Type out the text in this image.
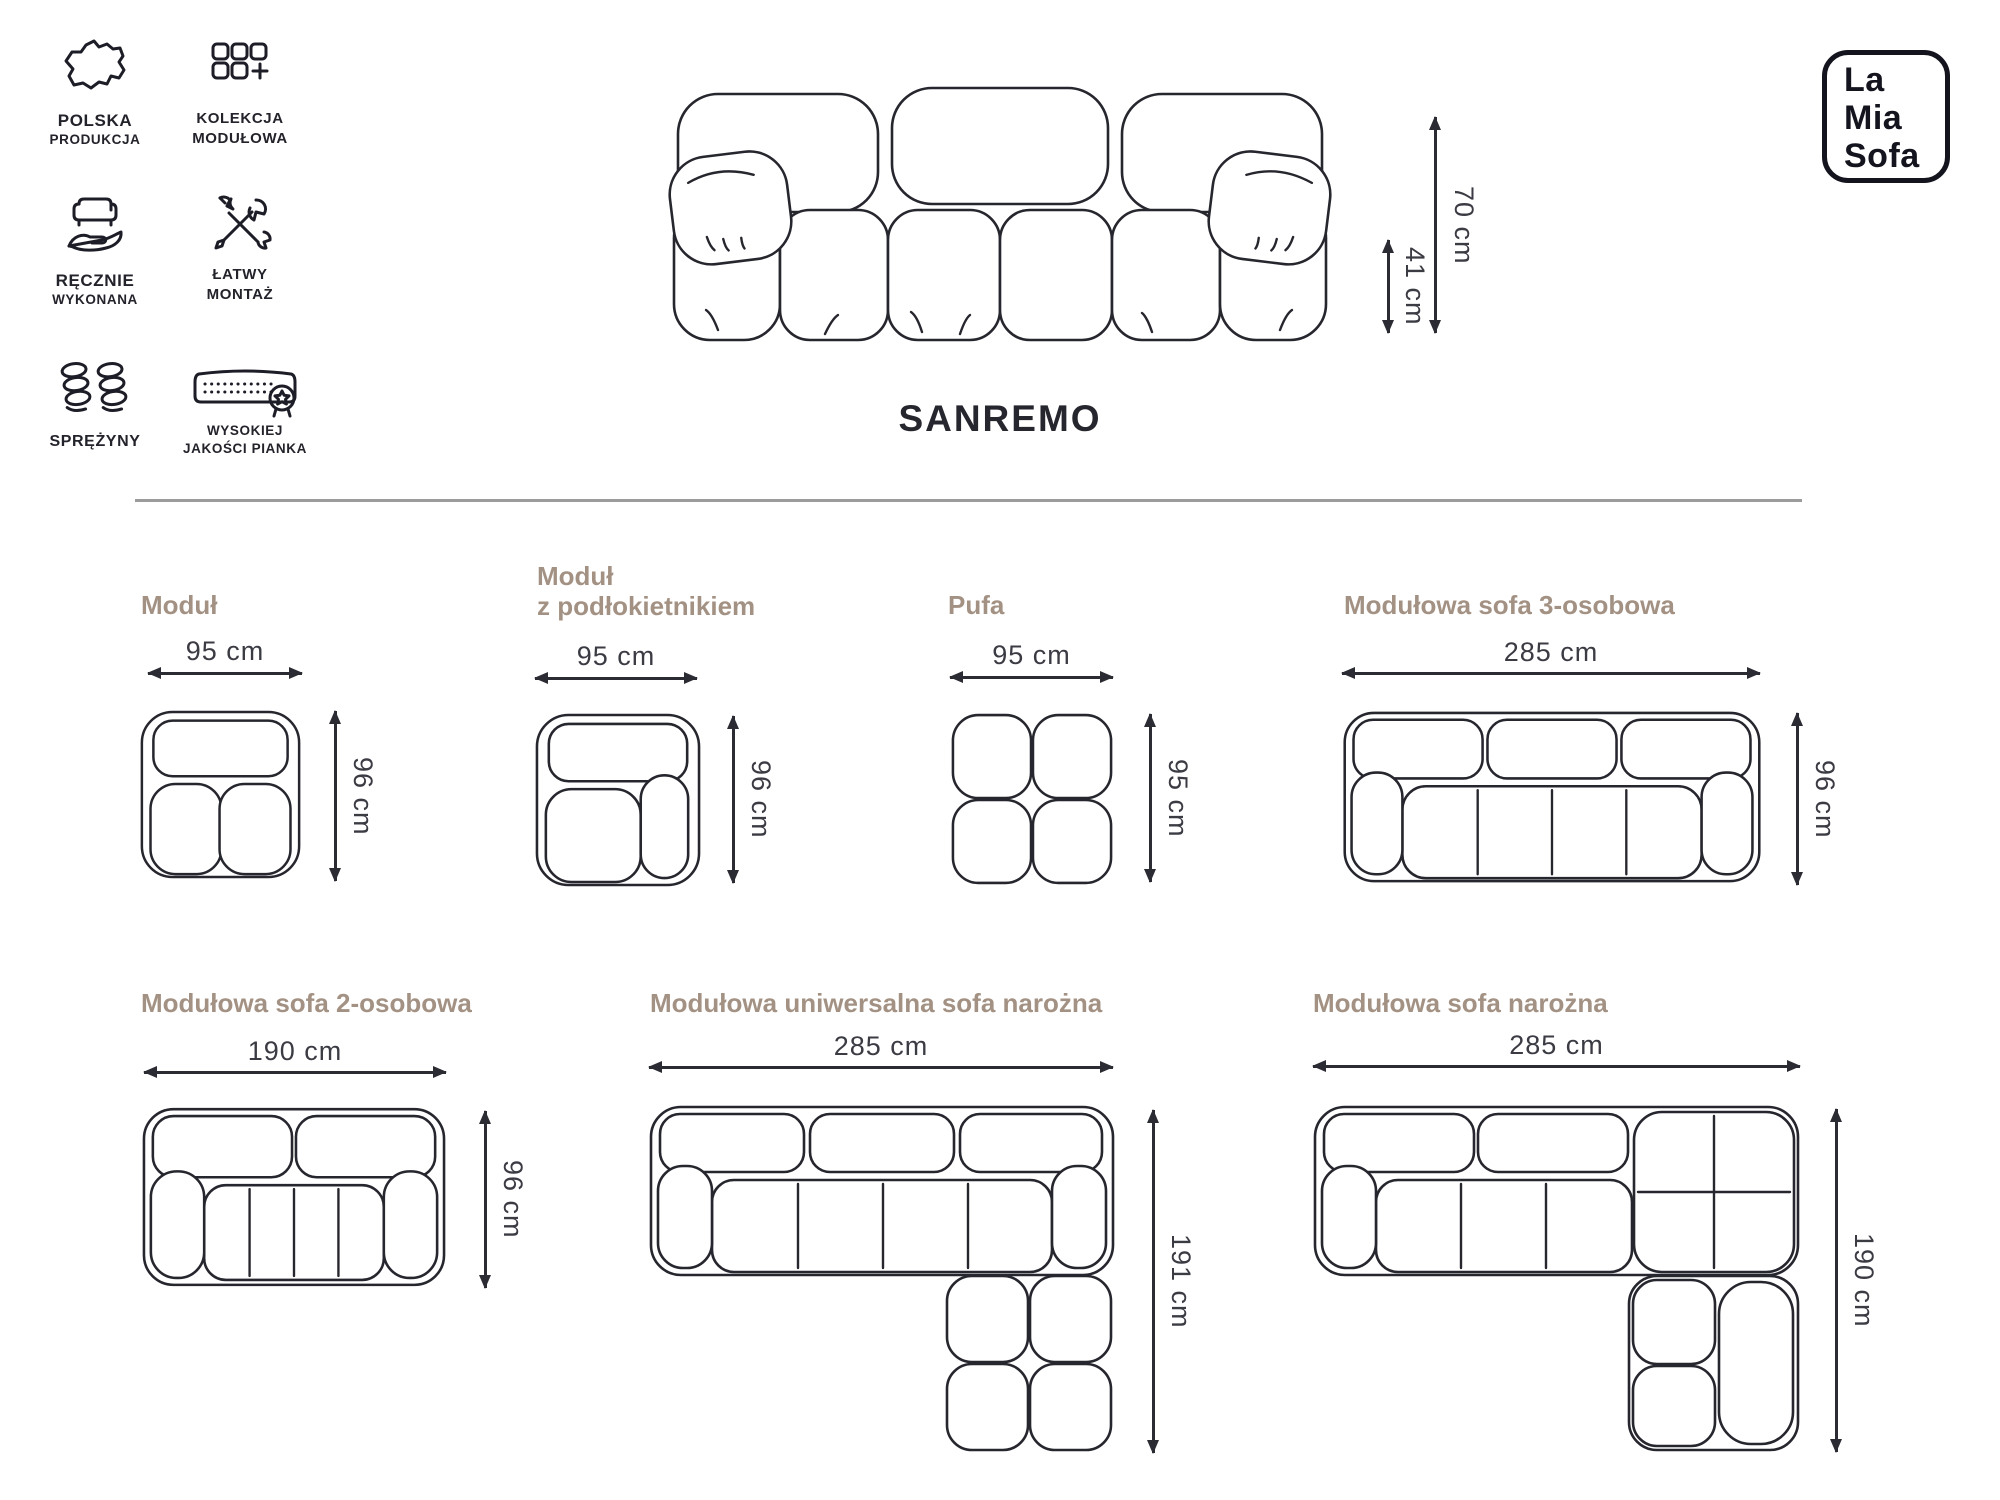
POLSKA
PRODUKCJA
KOLEKCJA
MODUŁOWA
RĘCZNIE
WYKONANA
ŁATWY
MONTAŻ
SPRĘŻYNY
WYSOKIEJ
JAKOŚCI PIANKA
La
Mia
Sofa
70 cm
41 cm
SANREMO
Moduł
95 cm
96 cm
Moduł
z podłokietnikiem
95 cm
96 cm
Pufa
95 cm
95 cm
Modułowa sofa 3-osobowa
285 cm
96 cm
Modułowa sofa 2-osobowa
190 cm
96 cm
Modułowa uniwersalna sofa narożna
285 cm
191 cm
Modułowa sofa narożna
285 cm
190 cm
